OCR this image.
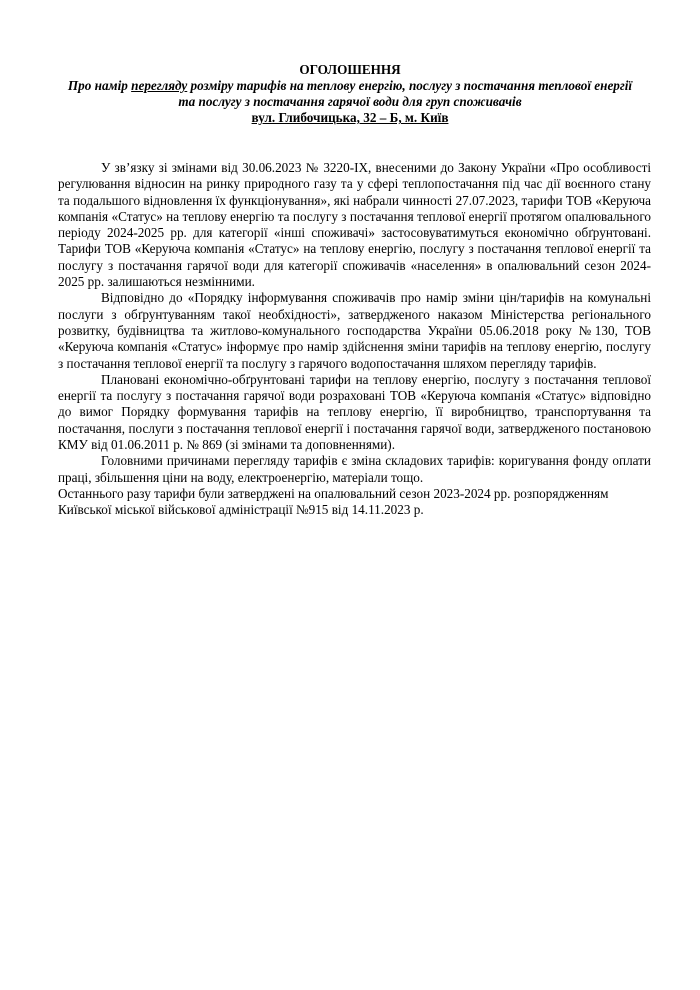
ОГОЛОШЕННЯ
Про намір перегляду розміру тарифів на теплову енергію, послугу з постачання теплової енергії та послугу з постачання гарячої води для груп споживачів
вул. Глибочицька, 32 – Б, м. Київ

У зв’язку зі змінами від 30.06.2023 № 3220-IX, внесеними до Закону України «Про особливості регулювання відносин на ринку природного газу та у сфері теплопостачання під час дії воєнного стану та подальшого відновлення їх функціонування», які набрали чинності 27.07.2023, тарифи ТОВ «Керуюча компанія «Статус» на теплову енергію та послугу з постачання теплової енергії протягом опалювального періоду 2024-2025 рр. для категорії «інші споживачі» застосовуватимуться економічно обґрунтовані. Тарифи ТОВ «Керуюча компанія «Статус» на теплову енергію, послугу з постачання теплової енергії та послугу з постачання гарячої води для категорії споживачів «населення» в опалювальний сезон 2024-2025 рр. залишаються незмінними.

Відповідно до «Порядку інформування споживачів про намір зміни цін/тарифів на комунальні послуги з обґрунтуванням такої необхідності», затвердженого наказом Міністерства регіонального розвитку, будівництва та житлово-комунального господарства України 05.06.2018 року №130, ТОВ «Керуюча компанія «Статус» інформує про намір здійснення зміни тарифів на теплову енергію, послугу з постачання теплової енергії та послугу з гарячого водопостачання шляхом перегляду тарифів.

Плановані економічно-обґрунтовані тарифи на теплову енергію, послугу з постачання теплової енергії та послугу з постачання гарячої води розраховані ТОВ «Керуюча компанія «Статус» відповідно до вимог Порядку формування тарифів на теплову енергію, її виробництво, транспортування та постачання, послуги з постачання теплової енергії і постачання гарячої води, затвердженого постановою КМУ від 01.06.2011 р. № 869 (зі змінами та доповненнями).

Головними причинами перегляду тарифів є зміна складових тарифів: коригування фонду оплати праці, збільшення ціни на воду, електроенергію, матеріали тощо.

Останнього разу тарифи були затверджені на опалювальний сезон 2023-2024 рр. розпорядженням Київської міської військової адміністрації №915 від 14.11.2023 р.
